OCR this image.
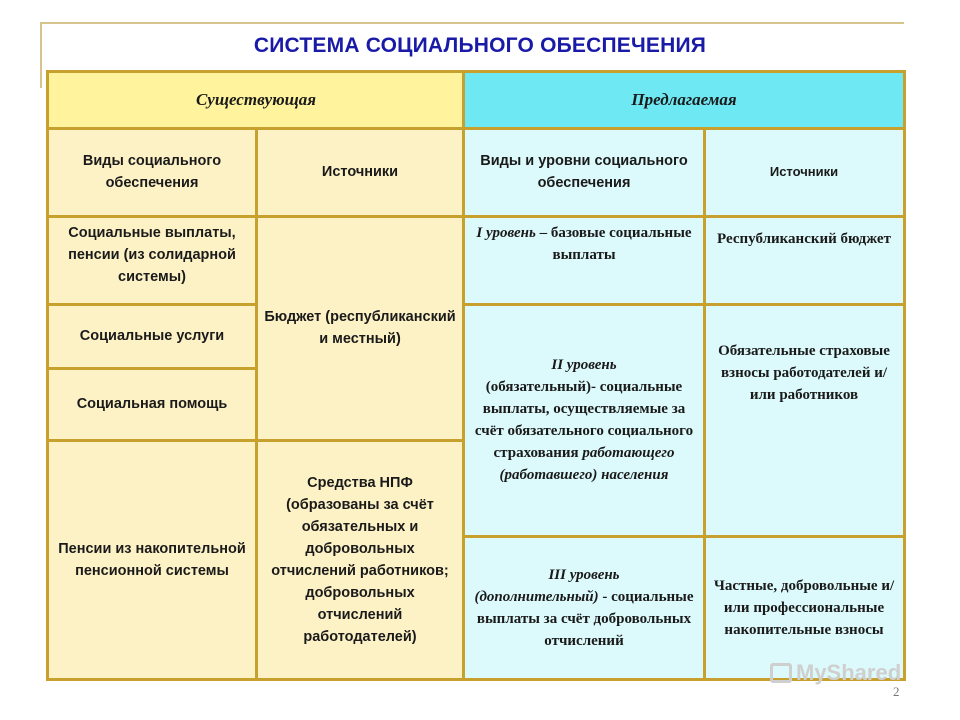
СИСТЕМА СОЦИАЛЬНОГО ОБЕСПЕЧЕНИЯ
Существующая	Предлагаемая
Виды социального обеспечения
Источники
Виды и уровни социального обеспечения
Источники
Социальные выплаты, пенсии (из солидарной системы)
Социальные услуги
Социальная помощь
Пенсии из накопительной пенсионной системы
Бюджет (республиканский и местный)
Средства НПФ (образованы за счёт обязательных и добровольных отчислений работников; добровольных отчислений работодателей)
I уровень – базовые социальные выплаты
II уровень
(обязательный)- социальные выплаты, осуществляемые за счёт обязательного социального страхования работающего (работавшего) населения
III уровень
(дополнительный) - социальные выплаты за счёт добровольных отчислений
Республиканский бюджет
Обязательные страховые взносы работодателей и/или работников
Частные, добровольные и/или профессиональные накопительные взносы
MyShared
2
